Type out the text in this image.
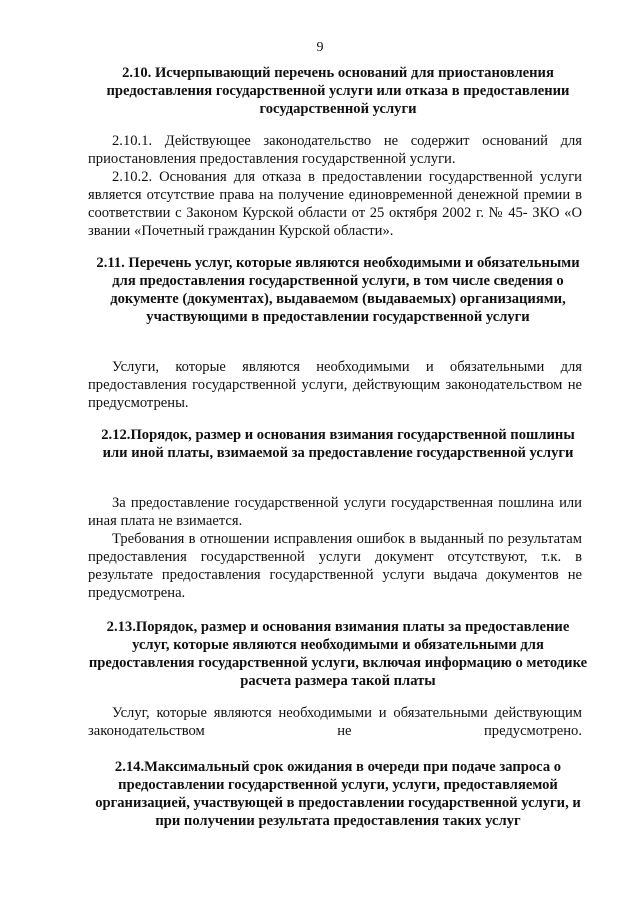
9
2.10. Исчерпывающий перечень оснований для приостановления предоставления государственной услуги или отказа в предоставлении государственной услуги
2.10.1. Действующее законодательство не содержит оснований для приостановления предоставления государственной услуги.
2.10.2. Основания для отказа в предоставлении государственной услуги является отсутствие права на получение единовременной денежной премии в соответствии с Законом Курской области от 25 октября 2002 г. № 45- ЗКО «О звании «Почетный гражданин Курской области».
2.11. Перечень услуг, которые являются необходимыми и обязательными для предоставления государственной услуги, в том числе сведения о документе (документах), выдаваемом (выдаваемых) организациями, участвующими в предоставлении государственной услуги
Услуги, которые являются необходимыми и обязательными для предоставления государственной услуги, действующим законодательством не предусмотрены.
2.12.Порядок, размер и основания взимания государственной пошлины или иной платы, взимаемой за предоставление государственной услуги
За предоставление государственной услуги государственная пошлина или иная плата не взимается.
Требования в отношении исправления ошибок в выданный по результатам предоставления государственной услуги документ отсутствуют, т.к. в результате предоставления государственной услуги выдача документов не предусмотрена.
2.13.Порядок, размер и основания взимания платы за предоставление услуг, которые являются необходимыми и обязательными для предоставления государственной услуги, включая информацию о методике расчета размера такой платы
Услуг, которые являются необходимыми и обязательными действующим законодательством не предусмотрено.
2.14.Максимальный срок ожидания в очереди при подаче запроса о предоставлении государственной услуги, услуги, предоставляемой организацией, участвующей в предоставлении государственной услуги, и при получении результата предоставления таких услуг
